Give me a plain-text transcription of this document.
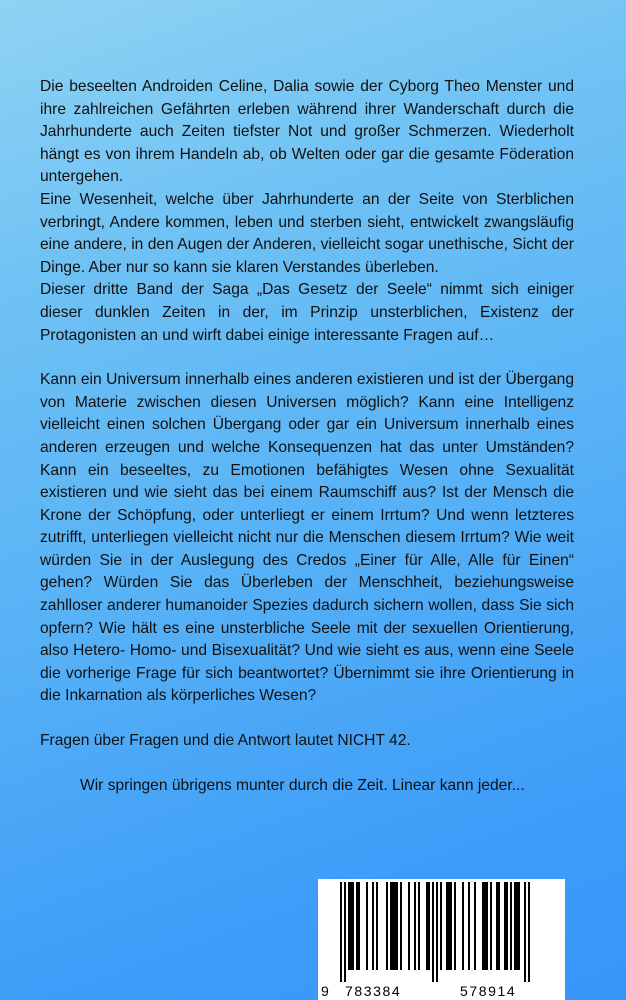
Die beseelten Androiden Celine, Dalia sowie der Cyborg Theo Menster und ihre zahlreichen Gefährten erleben während ihrer Wanderschaft durch die Jahrhunderte auch Zeiten tiefster Not und großer Schmerzen. Wiederholt hängt es von ihrem Handeln ab, ob Welten oder gar die gesamte Föderation untergehen.

Eine Wesenheit, welche über Jahrhunderte an der Seite von Sterblichen verbringt, Andere kommen, leben und sterben sieht, entwickelt zwangsläufig eine andere, in den Augen der Anderen, vielleicht sogar unethische, Sicht der Dinge. Aber nur so kann sie klaren Verstandes überleben.

Dieser dritte Band der Saga „Das Gesetz der Seele“ nimmt sich einiger dieser dunklen Zeiten in der, im Prinzip unsterblichen, Existenz der Protagonisten an und wirft dabei einige interessante Fragen auf…

Kann ein Universum innerhalb eines anderen existieren und ist der Übergang von Materie zwischen diesen Universen möglich? Kann eine Intelligenz vielleicht einen solchen Übergang oder gar ein Universum innerhalb eines anderen erzeugen und welche Konsequenzen hat das unter Umständen? Kann ein beseeltes, zu Emotionen befähigtes Wesen ohne Sexualität existieren und wie sieht das bei einem Raumschiff aus? Ist der Mensch die Krone der Schöpfung, oder unterliegt er einem Irrtum? Und wenn letzteres zutrifft, unterliegen vielleicht nicht nur die Menschen diesem Irrtum? Wie weit würden Sie in der Auslegung des Credos „Einer für Alle, Alle für Einen“ gehen? Würden Sie das Überleben der Menschheit, beziehungsweise zahlloser anderer humanoider Spezies dadurch sichern wollen, dass Sie sich opfern? Wie hält es eine unsterbliche Seele mit der sexuellen Orientierung, also Hetero- Homo- und Bisexualität? Und wie sieht es aus, wenn eine Seele die vorherige Frage für sich beantwortet? Übernimmt sie ihre Orientierung in die Inkarnation als körperliches Wesen?

Fragen über Fragen und die Antwort lautet NICHT 42.

Wir springen übrigens munter durch die Zeit. Linear kann jeder...

9 783384	578914
